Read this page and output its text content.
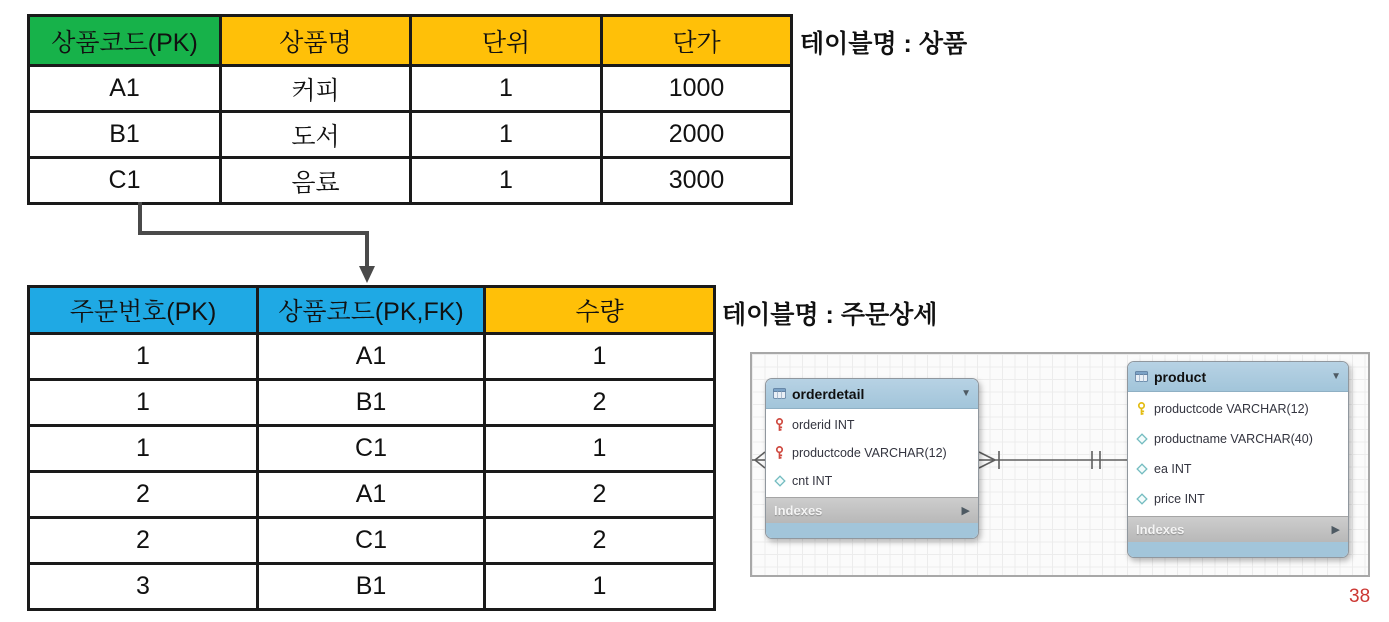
상품코드(PK)	상품명	단위	단가
A1	커피	1	1000
B1	도서	1	2000
C1	음료	1	3000
테이블명 : 상품
주문번호(PK)	상품코드(PK,FK)	수량
1	A1	1
1	B1	2
1	C1	1
2	A1	2
2	C1	2
3	B1	1
테이블명 : 주문상세
orderdetail	▼
orderid INT
productcode VARCHAR(12)
cnt INT
Indexes	▶
product	▼
productcode VARCHAR(12)
productname VARCHAR(40)
ea INT
price INT
Indexes	▶
38
